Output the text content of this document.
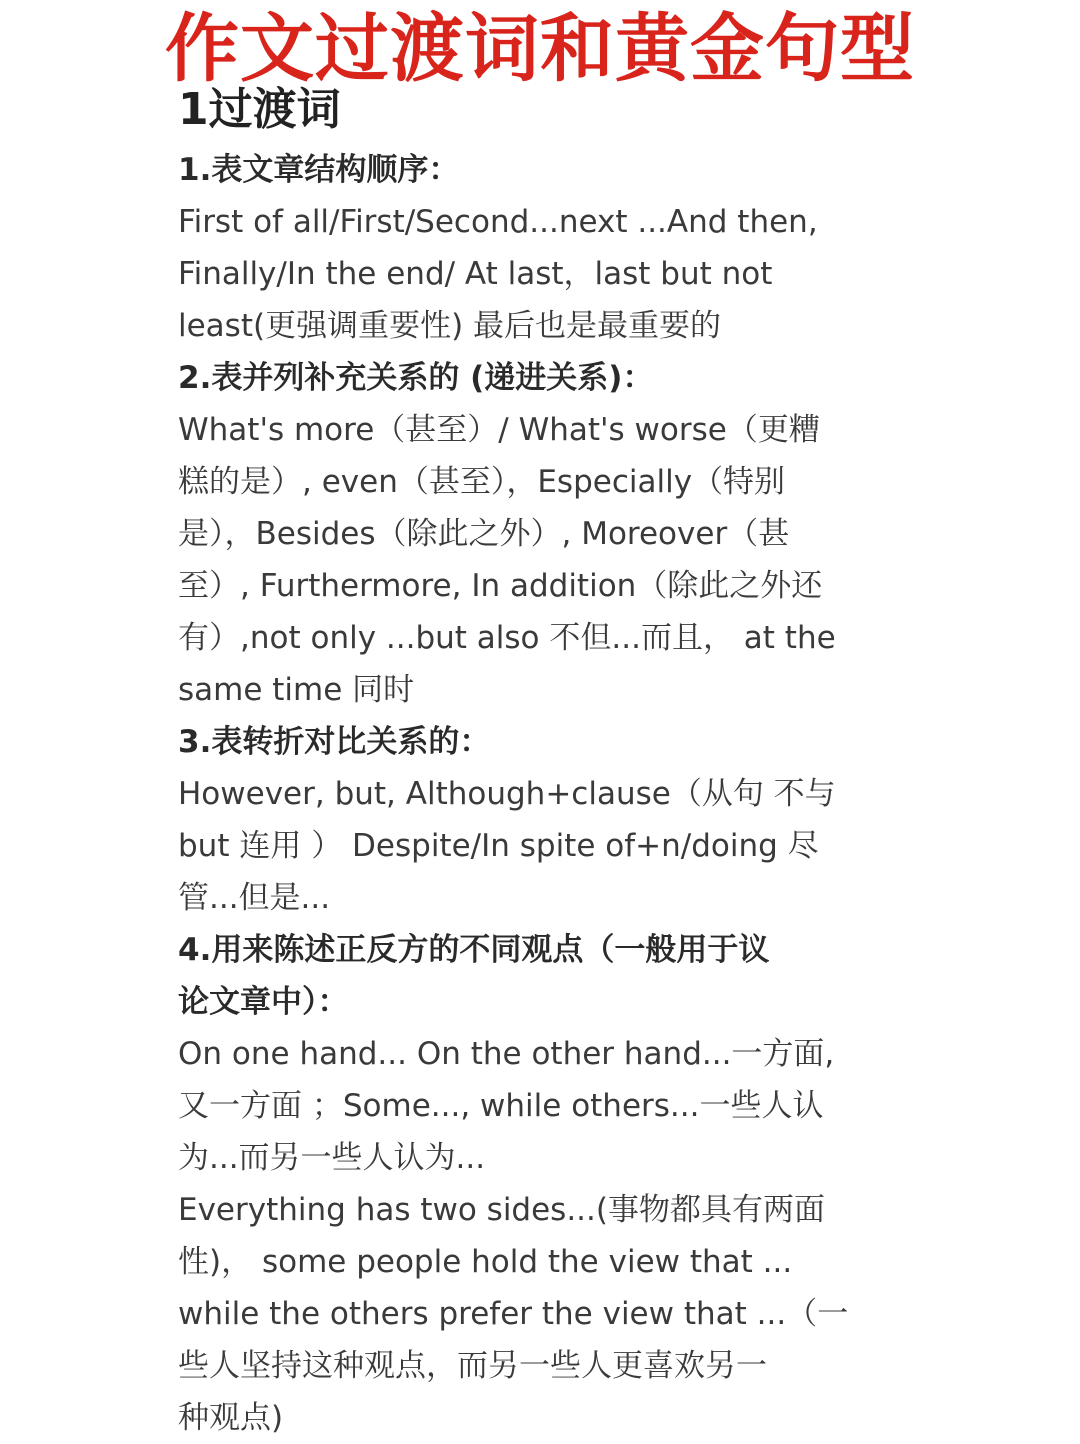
作文过渡词和黄金句型
1过渡词
1.表文章结构顺序：
First of all/First/Second...next ...And then,
Finally/In the end/ At last，last but not
least(更强调重要性) 最后也是最重要的
2.表并列补充关系的 (递进关系)：
What's more（甚至）/ What's worse（更糟
糕的是）, even（甚至），Especially（特别
是），Besides（除此之外）, Moreover（甚
至）, Furthermore, In addition（除此之外还
有）,not only ...but also 不但...而且， at the
same time 同时
3.表转折对比关系的：
However, but, Although+clause（从句 不与
but 连用 ） Despite/In spite of+n/doing 尽
管...但是...
4.用来陈述正反方的不同观点（一般用于议
论文章中）：
On one hand... On the other hand...一方面,
又一方面 ；Some..., while others...一些人认
为...而另一些人认为...
Everything has two sides...(事物都具有两面
性)， some people hold the view that ...
while the others prefer the view that ...（一
些人坚持这种观点，而另一些人更喜欢另一
种观点)
